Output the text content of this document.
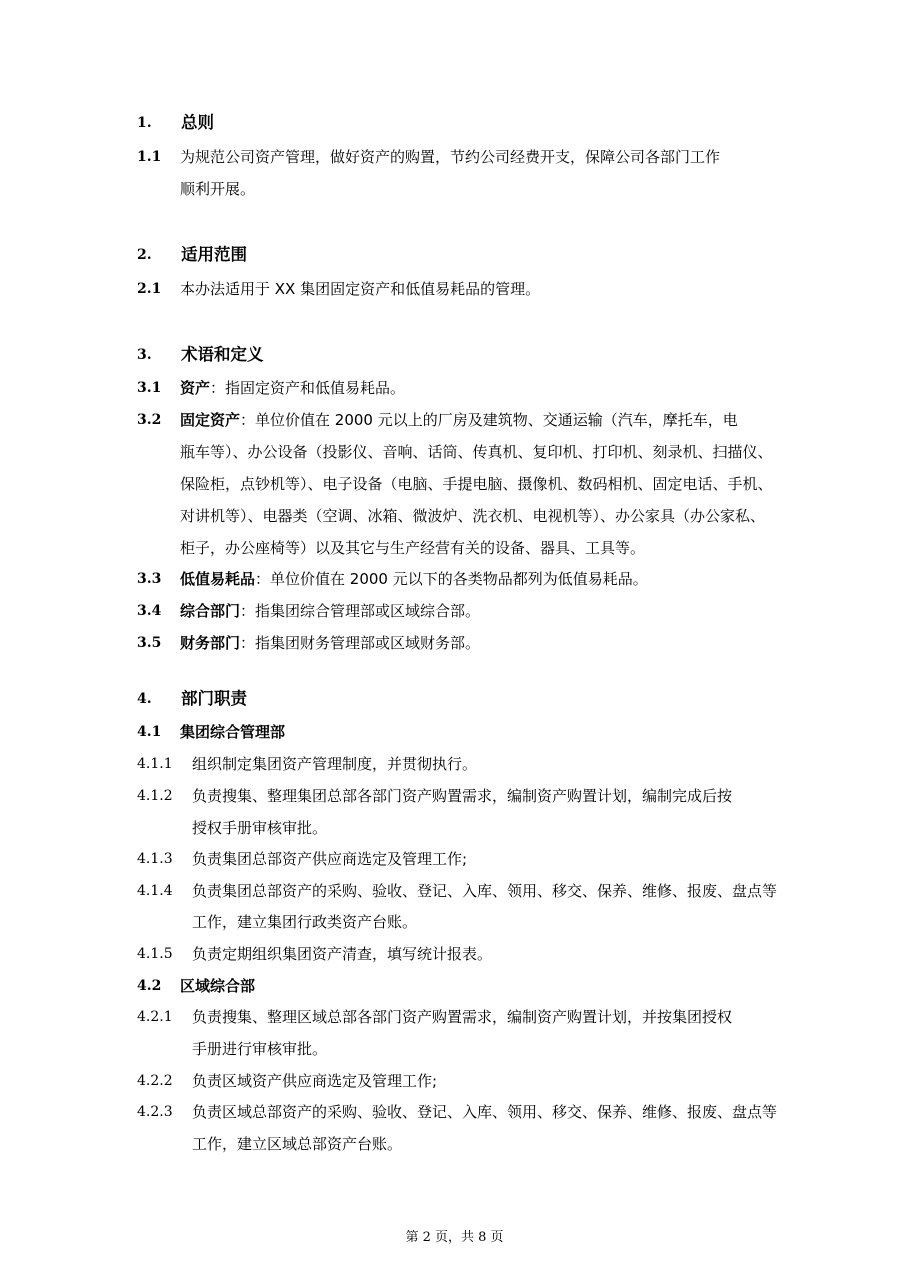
1. 总则
1.1 为规范公司资产管理，做好资产的购置，节约公司经费开支，保障公司各部门工作
顺利开展。
2. 适用范围
2.1 本办法适用于 XX 集团固定资产和低值易耗品的管理。
3. 术语和定义
3.1 资产：指固定资产和低值易耗品。
3.2 固定资产：单位价值在 2000 元以上的厂房及建筑物、交通运输（汽车，摩托车，电
瓶车等）、办公设备（投影仪、音响、话筒、传真机、复印机、打印机、刻录机、扫描仪、
保险柜，点钞机等）、电子设备（电脑、手提电脑、摄像机、数码相机、固定电话、手机、
对讲机等）、电器类（空调、冰箱、微波炉、洗衣机、电视机等）、办公家具（办公家私、
柜子，办公座椅等）以及其它与生产经营有关的设备、器具、工具等。
3.3 低值易耗品：单位价值在 2000 元以下的各类物品都列为低值易耗品。
3.4 综合部门：指集团综合管理部或区域综合部。
3.5 财务部门：指集团财务管理部或区域财务部。
4. 部门职责
4.1 集团综合管理部
4.1.1 组织制定集团资产管理制度，并贯彻执行。
4.1.2 负责搜集、整理集团总部各部门资产购置需求，编制资产购置计划，编制完成后按
授权手册审核审批。
4.1.3 负责集团总部资产供应商选定及管理工作;
4.1.4 负责集团总部资产的采购、验收、登记、入库、领用、移交、保养、维修、报废、盘点等
工作，建立集团行政类资产台账。
4.1.5 负责定期组织集团资产清查，填写统计报表。
4.2 区域综合部
4.2.1 负责搜集、整理区域总部各部门资产购置需求，编制资产购置计划，并按集团授权
手册进行审核审批。
4.2.2 负责区域资产供应商选定及管理工作;
4.2.3 负责区域总部资产的采购、验收、登记、入库、领用、移交、保养、维修、报废、盘点等
工作，建立区域总部资产台账。
第 2 页，共 8 页
